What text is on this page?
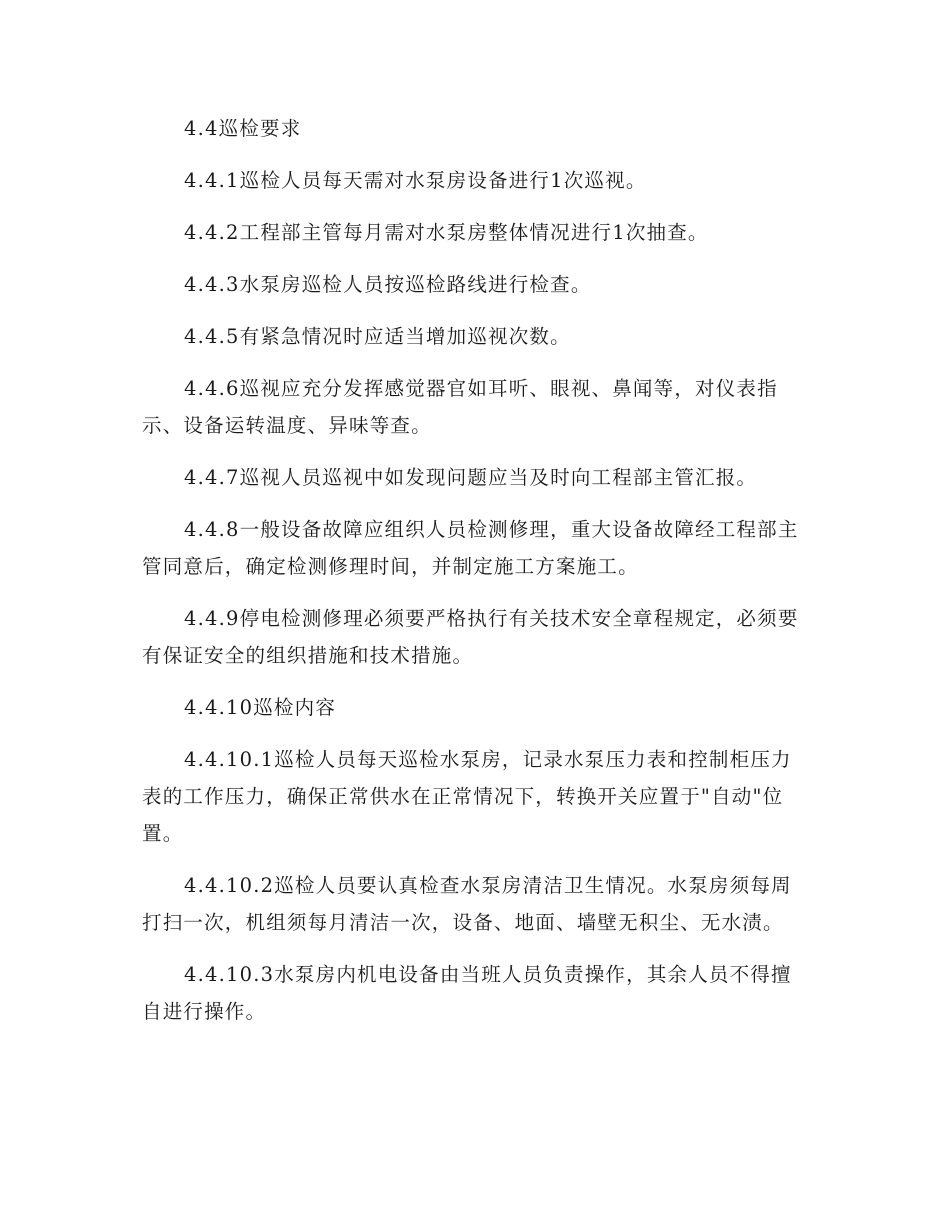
4.4巡检要求

4.4.1巡检人员每天需对水泵房设备进行1次巡视。

4.4.2工程部主管每月需对水泵房整体情况进行1次抽查。

4.4.3水泵房巡检人员按巡检路线进行检查。

4.4.5有紧急情况时应适当增加巡视次数。

4.4.6巡视应充分发挥感觉器官如耳听、眼视、鼻闻等，对仪表指示、设备运转温度、异味等查。

4.4.7巡视人员巡视中如发现问题应当及时向工程部主管汇报。

4.4.8一般设备故障应组织人员检测修理，重大设备故障经工程部主管同意后，确定检测修理时间，并制定施工方案施工。

4.4.9停电检测修理必须要严格执行有关技术安全章程规定，必须要有保证安全的组织措施和技术措施。

4.4.10巡检内容

4.4.10.1巡检人员每天巡检水泵房，记录水泵压力表和控制柜压力表的工作压力，确保正常供水在正常情况下，转换开关应置于"自动"位置。

4.4.10.2巡检人员要认真检查水泵房清洁卫生情况。水泵房须每周打扫一次，机组须每月清洁一次，设备、地面、墙壁无积尘、无水渍。

4.4.10.3水泵房内机电设备由当班人员负责操作，其余人员不得擅自进行操作。
